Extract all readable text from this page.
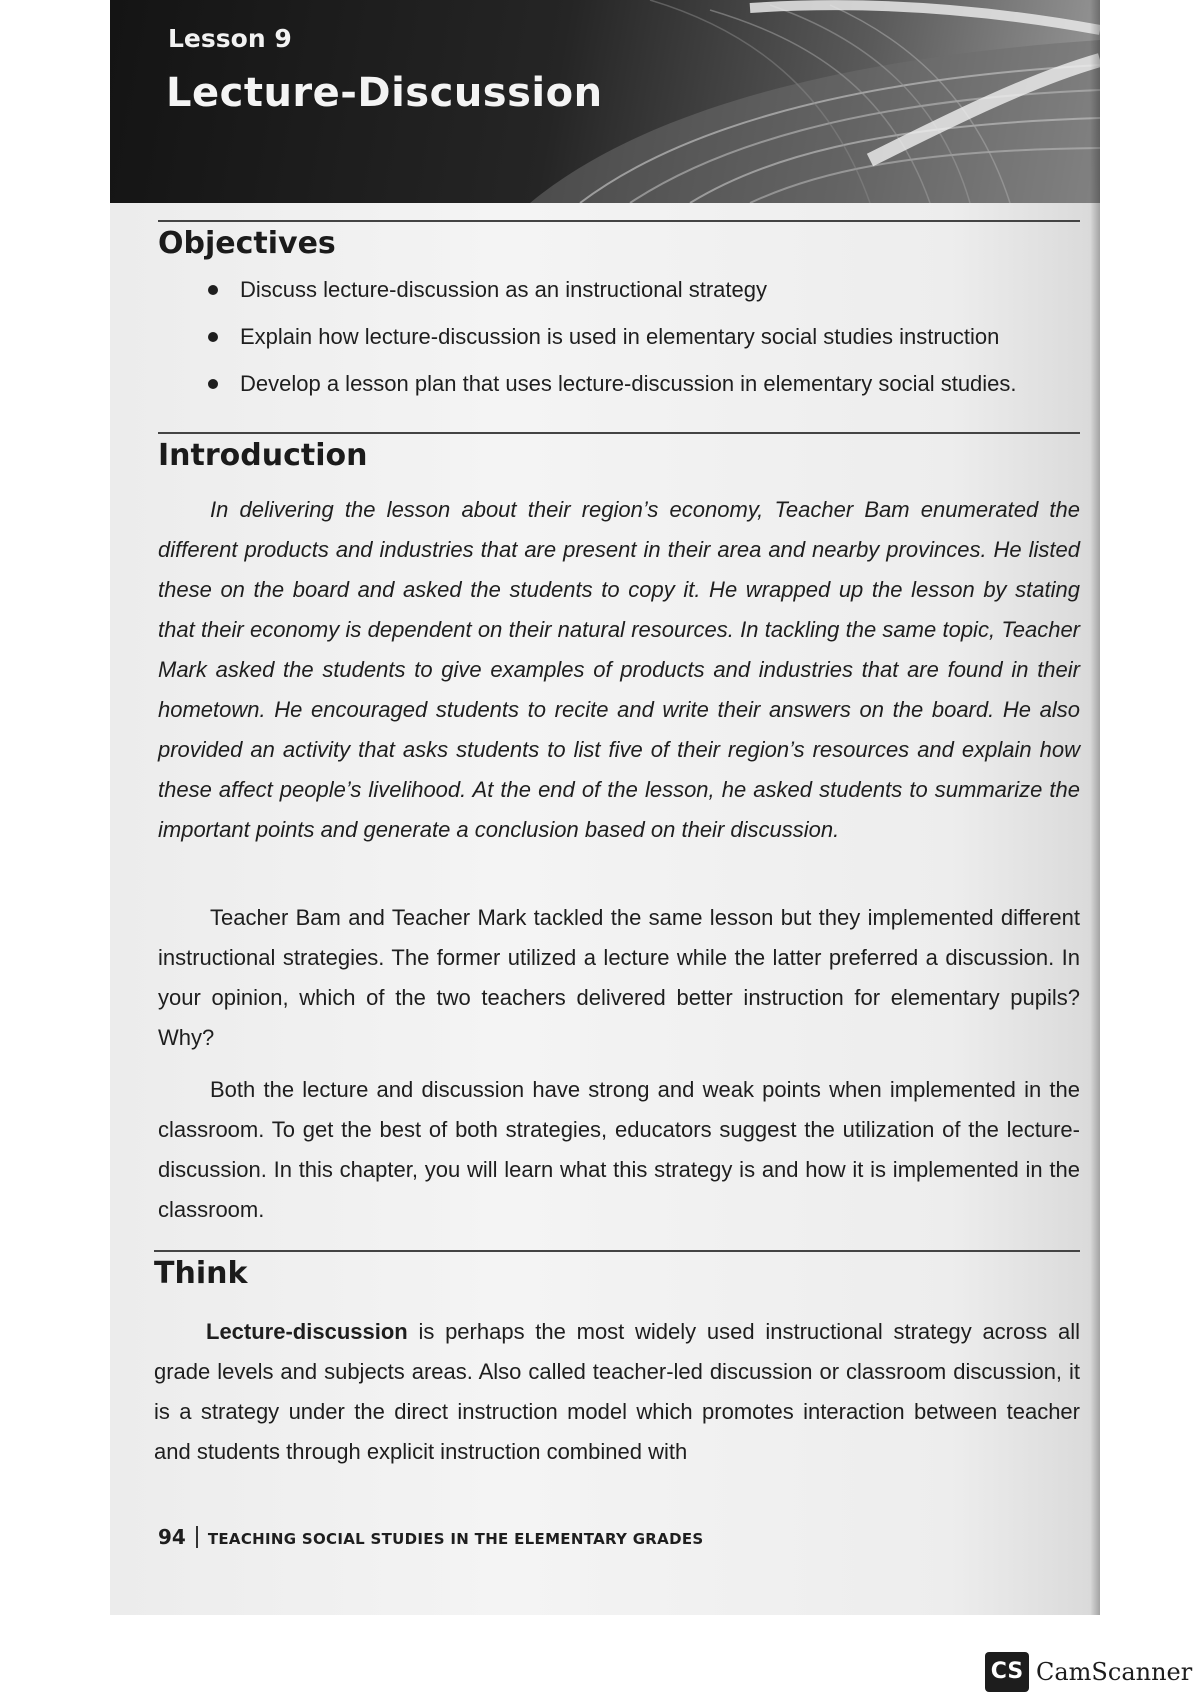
Lesson 9
Lecture-Discussion
Objectives
Discuss lecture-discussion as an instructional strategy
Explain how lecture-discussion is used in elementary social studies instruction
Develop a lesson plan that uses lecture-discussion in elementary social studies.
Introduction

In delivering the lesson about their region’s economy, Teacher Bam enumerated the different products and industries that are present in their area and nearby provinces. He listed these on the board and asked the students to copy it. He wrapped up the lesson by stating that their economy is dependent on their natural resources. In tackling the same topic, Teacher Mark asked the students to give examples of products and industries that are found in their hometown. He encouraged students to recite and write their answers on the board. He also provided an activity that asks students to list five of their region’s resources and explain how these affect people’s livelihood. At the end of the lesson, he asked students to summarize the important points and generate a conclusion based on their discussion.

Teacher Bam and Teacher Mark tackled the same lesson but they implemented different instructional strategies. The former utilized a lecture while the latter preferred a discussion. In your opinion, which of the two teachers delivered better instruction for elementary pupils? Why?

Both the lecture and discussion have strong and weak points when implemented in the classroom. To get the best of both strategies, educators suggest the utilization of the lecture-discussion. In this chapter, you will learn what this strategy is and how it is implemented in the classroom.

Think

Lecture-discussion is perhaps the most widely used instructional strategy across all grade levels and subjects areas. Also called teacher-led discussion or classroom discussion, it is a strategy under the direct instruction model which promotes interaction between teacher and students through explicit instruction combined with

94 TEACHING SOCIAL STUDIES IN THE ELEMENTARY GRADES
CS CamScanner
